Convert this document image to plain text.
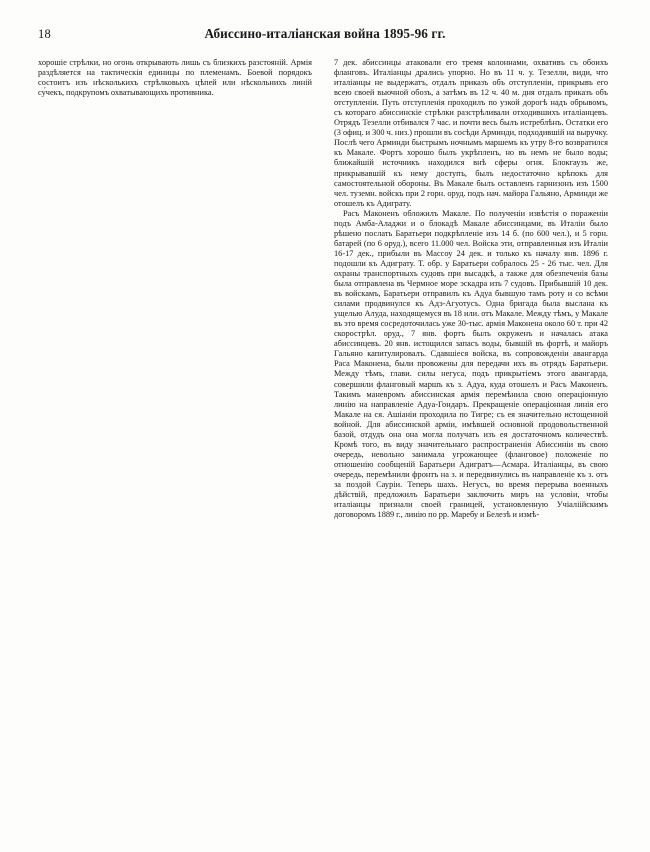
18	Абиссино-италіанская война 1895-96 гг.

хорошіе стрѣлки, но огонь открывають лишь съ близкихъ разстояній. Армія раздѣляется на тактическія единицы по племенамъ. Боевой порядокъ состоитъ изъ нѣсколькихъ стрѣлковыхъ цѣпей или нѣскольнихъ линій су́чекъ, подкрупомъ охватывающихъ противника.

7 дек. абиссинцы атаковали его тремя колоннами, охвативъ съ обоихъ фланговъ. Италіанцы дрались упорно. Но въ 11 ч. у. Тезелли, види, что италіанцы не выдержатъ, отдалъ приказъ объ отступленіи, прикрывъ его всею своей вьючной обозъ, а затѣмъ въ 12 ч. 40 м. дня отдалъ приказъ объ отступленіи. Путь отступленія проходилъ по узкой дорогѣ надъ обрывомъ, съ котораго абиссинскіе стрѣлки разстрѣливали отходившихъ италіанцевъ. Отрядъ Тезелли отбивался 7 час. и почти весь былъ истреблѣнъ. Остатки его (3 офиц. и 300 ч. низ.) прошли въ сосѣди Арминди, подходившій на выручку. Послѣ чего Арминди быстрымъ ночнымъ маршемъ къ утру 8-го возвратился къ Макале. Фортъ хорошо былъ укрѣпленъ, но въ немъ не было воды; ближайшій источникъ находился внѣ сферы огня. Блокгаузъ же, прикрывавшій къ нему доступъ, былъ недостаточно крѣпокъ для самостоятельной обороны. Въ Макале былъ оставленъ гарнизонъ изъ 1500 чел. туземн. войскъ при 2 горн. оруд. подъ нач. майора Гальяно, Арминди же отошелъ къ Адиграту.

Расъ Маконенъ обложилъ Макале. По полученіи извѣстія о пораженіи подъ Амба-Аладжи и о блокадѣ Макале абиссинцами, въ Италіи было рѣшено послать Баратьери подкрѣпленіе изъ 14 б. (по 600 чел.), и 5 горн. батарей (по 6 оруд.), всего 11.000 чел. Войска эти, отправленныя изъ Италіи 16-17 дек., прибыли въ Массоу 24 дек. и только къ началу янв. 1896 г. подошли къ Адиграту. Т. обр. у Баратьери собралось 25 - 26 тыс. чел. Для охраны транспортныхъ судовъ при высадкѣ, а также для обезпеченія базы была отправлена въ Чермное море эскадра изъ 7 судовъ. Прибывшій 10 дек. въ войскамъ, Баратьери отправилъ къ Адуа бывшую тамъ роту и со всѣми силами продвинулся къ Адэ-Агуотусъ. Одна бригада была выслана къ ущелью Алуда, находящемуся въ 18 или. отъ Макале. Между тѣмъ, у Макале въ это время сосредоточилась уже 30-тыс. армія Маконена около 60 т. при 42 скорострѣл. оруд., 7 янв. фортъ былъ окруженъ и началась атака абиссинцевъ. 20 янв. истощился запасъ воды, бывшій въ фортѣ, и майоръ Гальяно капитулировалъ. Сдавшіеся войска, въ сопровожденіи авангарда Раса Маконена, были провожены для передачи ихъ въ отрядъ Баратьери. Между тѣмъ, глави. силы негуса, подъ прикрытіемъ этого авангарда, совершили фланговый маршъ къ з. Адуа, куда отошелъ и Расъ Маконенъ. Такимъ маневромъ абиссинская армія перемѣнила свою операціонную линію на направленіе Адуа-Гондаръ. Прекращеніе операціонная линія его Макале на ся. Ашіаніи проходила по Тигре; съ ея значительно истощенной войной. Для абиссинской арміи, имѣвшей основной продовольственной базой, отдудъ она она могла получать изъ ея достаточномъ количествѣ. Кромѣ того, въ виду значительнаго распространенія Абиссиніи въ свою очередь, невольно занимала угрожающее (фланговое) положеніе по отношенію сообщеній Баратьери Адигратъ—Асмара. Италіанцы, въ свою очередь, перемѣнили фронтъ на з. и передвинулись въ направленіе къ з. отъ за поздой Сауріи. Теперь шахъ. Негусъ, во время перерыва военныхъ дѣйствій, предложилъ Баратьери заключить миръ на условіи, чтобы италіанцы признали своей границей, установленную Учіаліійскимъ договоромъ 1889 г., линію по рр. Маребу и Белезѣ и измѣ-
